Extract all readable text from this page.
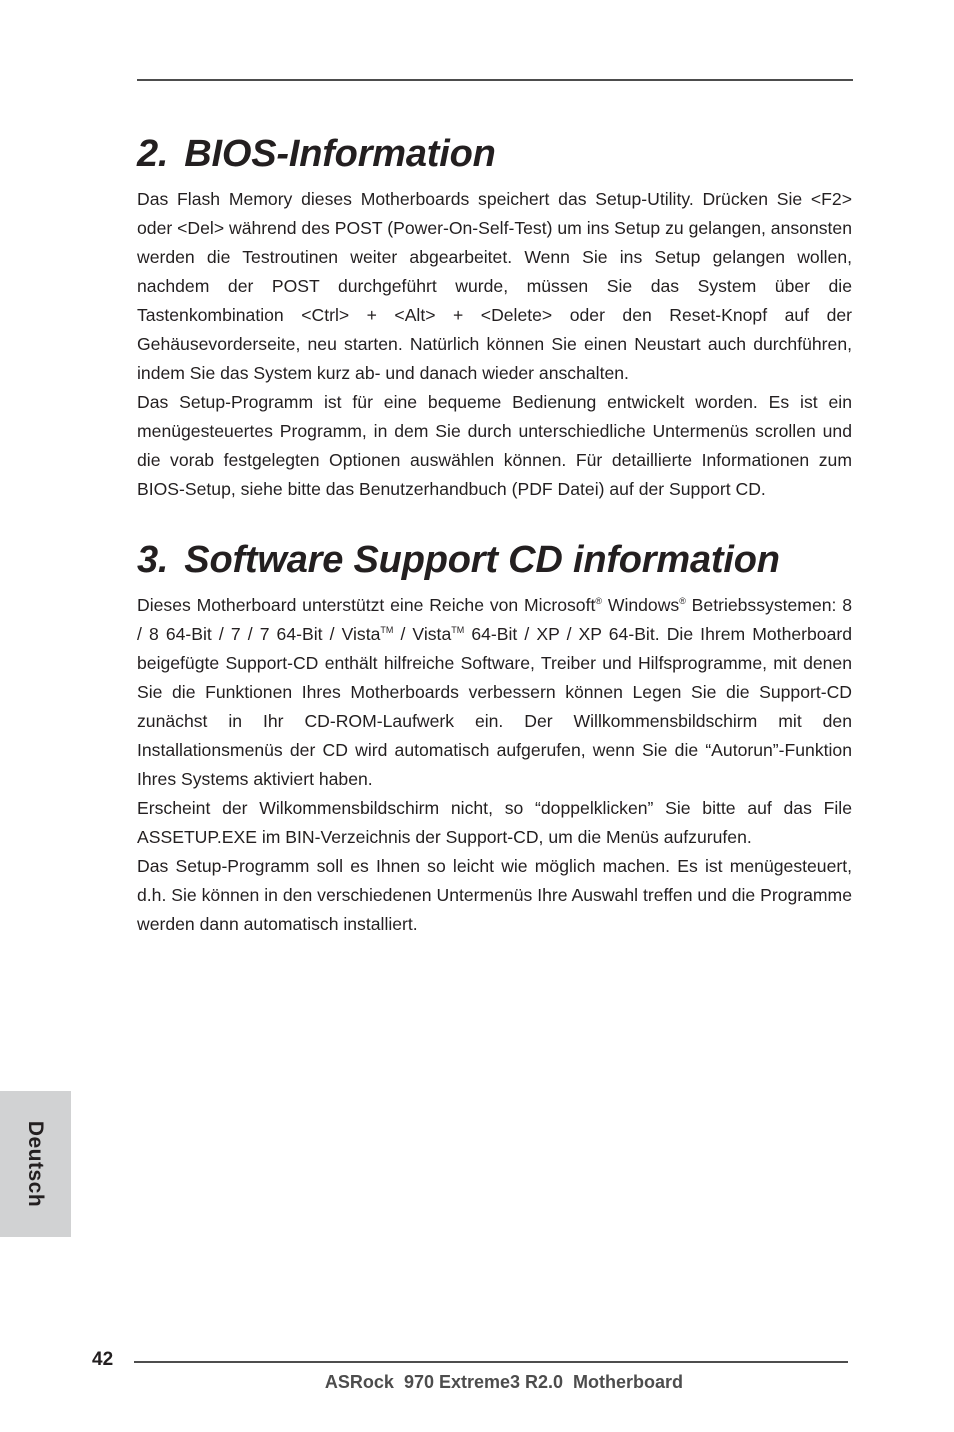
2. BIOS-Information

Das Flash Memory dieses Motherboards speichert das Setup-Utility. Drücken Sie <F2> oder <Del> während des POST (Power-On-Self-Test) um ins Setup zu gelangen, ansonsten werden die Testroutinen weiter abgearbeitet. Wenn Sie ins Setup gelangen wollen, nachdem der POST durchgeführt wurde, müssen Sie das System über die Tastenkombination <Ctrl> + <Alt> + <Delete> oder den Reset-Knopf auf der Gehäusevorderseite, neu starten. Natürlich können Sie einen Neustart auch durchführen, indem Sie das System kurz ab- und danach wieder anschalten.

Das Setup-Programm ist für eine bequeme Bedienung entwickelt worden. Es ist ein menügesteuertes Programm, in dem Sie durch unterschiedliche Untermenüs scrollen und die vorab festgelegten Optionen auswählen können. Für detaillierte Informationen zum BIOS-Setup, siehe bitte das Benutzerhandbuch (PDF Datei) auf der Support CD.

3. Software Support CD information

Dieses Motherboard unterstützt eine Reiche von Microsoft® Windows® Betriebssystemen: 8 / 8 64-Bit / 7 / 7 64-Bit / Vista™ / Vista™ 64-Bit / XP / XP 64-Bit. Die Ihrem Motherboard beigefügte Support-CD enthält hilfreiche Software, Treiber und Hilfsprogramme, mit denen Sie die Funktionen Ihres Motherboards verbessern können Legen Sie die Support-CD zunächst in Ihr CD-ROM-Laufwerk ein. Der Willkommensbildschirm mit den Installationsmenüs der CD wird automatisch aufgerufen, wenn Sie die “Autorun”-Funktion Ihres Systems aktiviert haben.

Erscheint der Wilkommensbildschirm nicht, so “doppelklicken” Sie bitte auf das File ASSETUP.EXE im BIN-Verzeichnis der Support-CD, um die Menüs aufzurufen.

Das Setup-Programm soll es Ihnen so leicht wie möglich machen. Es ist menügesteuert, d.h. Sie können in den verschiedenen Untermenüs Ihre Auswahl treffen und die Programme werden dann automatisch installiert.

Deutsch
42
ASRock  970 Extreme3 R2.0  Motherboard
